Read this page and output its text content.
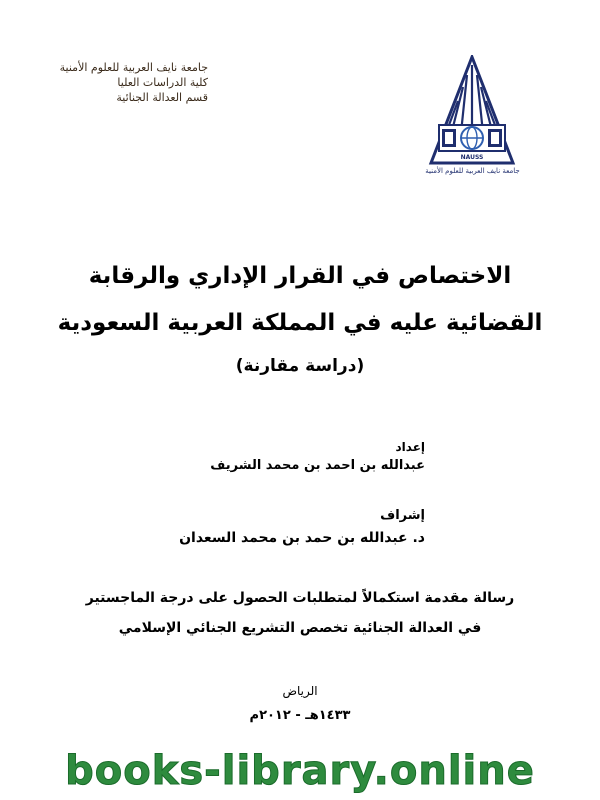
NAUSS
جامعة نايف العربية للعلوم الأمنية
جامعة نايف العربية للعلوم الأمنية
كلية الدراسات العليا
قسم العدالة الجنائية
الاختصاص في القرار الإداري والرقابة
القضائية عليه في المملكة العربية السعودية
(دراسة مقارنة)
إعداد
عبدالله بن احمد بن محمد الشريف
إشراف
د. عبدالله بن حمد بن محمد السعدان
رسالة مقدمة استكمالاً لمتطلبات الحصول على درجة الماجستير
في العدالة الجنائية تخصص التشريع الجنائي الإسلامي
الرياض
١٤٣٣هـ - ٢٠١٢م
books-library.online
